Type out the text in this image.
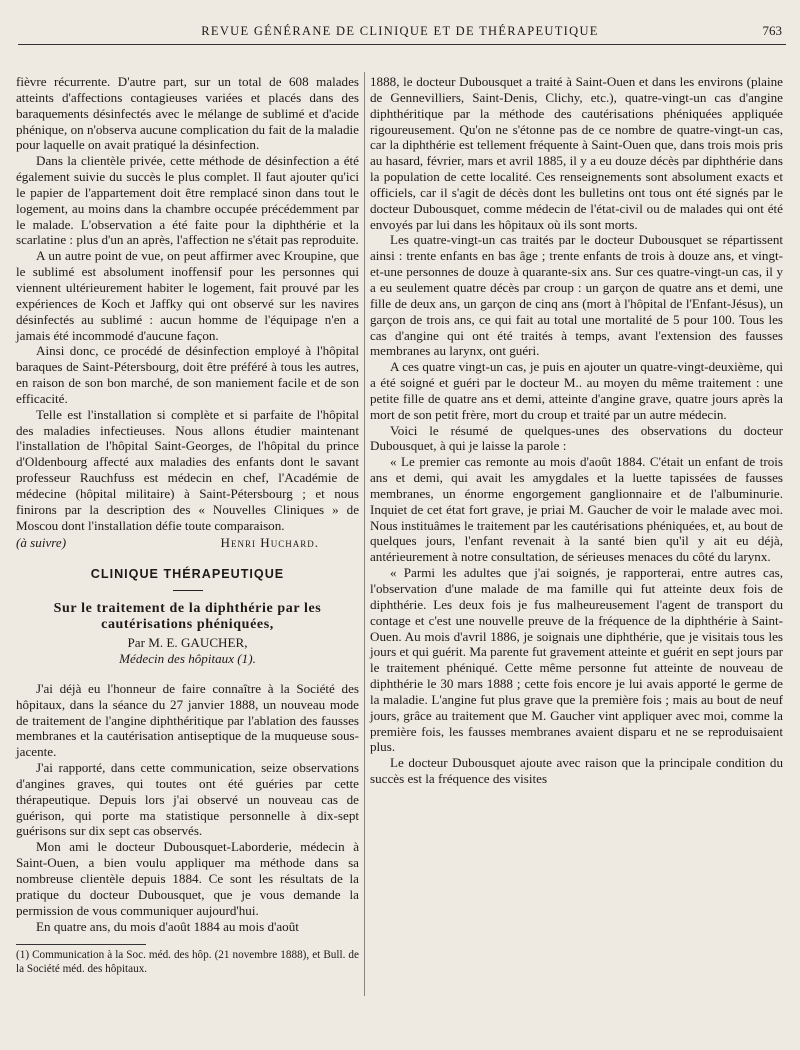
REVUE GÉNÉRANE DE CLINIQUE ET DE THÉRAPEUTIQUE	763

fièvre récurrente. D'autre part, sur un total de 608 malades atteints d'affections contagieuses variées et placés dans des baraquements désinfectés avec le mélange de sublimé et d'acide phénique, on n'observa aucune complication du fait de la maladie pour laquelle on avait pratiqué la désinfection.

Dans la clientèle privée, cette méthode de désinfection a été également suivie du succès le plus complet. Il faut ajouter qu'ici le papier de l'appartement doit être remplacé sinon dans tout le logement, au moins dans la chambre occupée précédemment par le malade. L'observation a été faite pour la diphthérie et la scarlatine : plus d'un an après, l'affection ne s'était pas reproduite.

A un autre point de vue, on peut affirmer avec Kroupine, que le sublimé est absolument inoffensif pour les personnes qui viennent ultérieurement habiter le logement, fait prouvé par les expériences de Koch et Jaffky qui ont observé sur les navires désinfectés au sublimé : aucun homme de l'équipage n'en a jamais été incommodé d'aucune façon.

Ainsi donc, ce procédé de désinfection employé à l'hôpital baraques de Saint-Pétersbourg, doit être préféré à tous les autres, en raison de son bon marché, de son maniement facile et de son efficacité.

Telle est l'installation si complète et si parfaite de l'hôpital des maladies infectieuses. Nous allons étudier maintenant l'installation de l'hôpital Saint-Georges, de l'hôpital du prince d'Oldenbourg affecté aux maladies des enfants dont le savant professeur Rauchfuss est médecin en chef, l'Académie de médecine (hôpital militaire) à Saint-Pétersbourg ; et nous finirons par la description des « Nouvelles Cliniques » de Moscou dont l'installation défie toute comparaison.

(à suivre)	Henri Huchard.
CLINIQUE THÉRAPEUTIQUE
Sur le traitement de la diphthérie par les cautérisations phéniquées,
Par M. E. GAUCHER,
Médecin des hôpitaux (1).

J'ai déjà eu l'honneur de faire connaître à la Société des hôpitaux, dans la séance du 27 janvier 1888, un nouveau mode de traitement de l'angine diphthéritique par l'ablation des fausses membranes et la cautérisation antiseptique de la muqueuse sous-jacente.

J'ai rapporté, dans cette communication, seize observations d'angines graves, qui toutes ont été guéries par cette thérapeutique. Depuis lors j'ai observé un nouveau cas de guérison, qui porte ma statistique personnelle à dix-sept guérisons sur dix sept cas observés.

Mon ami le docteur Dubousquet-Laborderie, médecin à Saint-Ouen, a bien voulu appliquer ma méthode dans sa nombreuse clientèle depuis 1884. Ce sont les résultats de la pratique du docteur Dubousquet, que je vous demande la permission de vous communiquer aujourd'hui.

En quatre ans, du mois d'août 1884 au mois d'août

(1) Communication à la Soc. méd. des hôp. (21 novembre 1888), et Bull. de la Société méd. des hôpitaux.

1888, le docteur Dubousquet a traité à Saint-Ouen et dans les environs (plaine de Gennevilliers, Saint-Denis, Clichy, etc.), quatre-vingt-un cas d'angine diphthéritique par la méthode des cautérisations phéniquées appliquée rigoureusement. Qu'on ne s'étonne pas de ce nombre de quatre-vingt-un cas, car la diphthérie est tellement fréquente à Saint-Ouen que, dans trois mois pris au hasard, février, mars et avril 1885, il y a eu douze décès par diphthérie dans la population de cette localité. Ces renseignements sont absolument exacts et officiels, car il s'agit de décès dont les bulletins ont tous ont été signés par le docteur Dubousquet, comme médecin de l'état-civil ou de malades qui ont été envoyés par lui dans les hôpitaux où ils sont morts.

Les quatre-vingt-un cas traités par le docteur Dubousquet se répartissent ainsi : trente enfants en bas âge ; trente enfants de trois à douze ans, et vingt-et-une personnes de douze à quarante-six ans. Sur ces quatre-vingt-un cas, il y a eu seulement quatre décès par croup : un garçon de quatre ans et demi, une fille de deux ans, un garçon de cinq ans (mort à l'hôpital de l'Enfant-Jésus), un garçon de trois ans, ce qui fait au total une mortalité de 5 pour 100. Tous les cas d'angine qui ont été traités à temps, avant l'extension des fausses membranes au larynx, ont guéri.

A ces quatre vingt-un cas, je puis en ajouter un quatre-vingt-deuxième, qui a été soigné et guéri par le docteur M.. au moyen du même traitement : une petite fille de quatre ans et demi, atteinte d'angine grave, quatre jours après la mort de son petit frère, mort du croup et traité par un autre médecin.

Voici le résumé de quelques-unes des observations du docteur Dubousquet, à qui je laisse la parole :

« Le premier cas remonte au mois d'août 1884. C'était un enfant de trois ans et demi, qui avait les amygdales et la luette tapissées de fausses membranes, un énorme engorgement ganglionnaire et de l'albuminurie. Inquiet de cet état fort grave, je priai M. Gaucher de voir le malade avec moi. Nous instituâmes le traitement par les cautérisations phéniquées, et, au bout de quelques jours, l'enfant revenait à la santé bien qu'il y ait eu déjà, antérieurement à notre consultation, de sérieuses menaces du côté du larynx.

« Parmi les adultes que j'ai soignés, je rapporterai, entre autres cas, l'observation d'une malade de ma famille qui fut atteinte deux fois de diphthérie. Les deux fois je fus malheureusement l'agent de transport du contage et c'est une nouvelle preuve de la fréquence de la diphthérie à Saint-Ouen. Au mois d'avril 1886, je soignais une diphthérie, que je visitais tous les jours et qui guérit. Ma parente fut gravement atteinte et guérit en sept jours par le traitement phéniqué. Cette même personne fut atteinte de nouveau de diphthérie le 30 mars 1888 ; cette fois encore je lui avais apporté le germe de la maladie. L'angine fut plus grave que la première fois ; mais au bout de neuf jours, grâce au traitement que M. Gaucher vint appliquer avec moi, comme la première fois, les fausses membranes avaient disparu et ne se reproduisaient plus.

Le docteur Dubousquet ajoute avec raison que la principale condition du succès est la fréquence des visites
